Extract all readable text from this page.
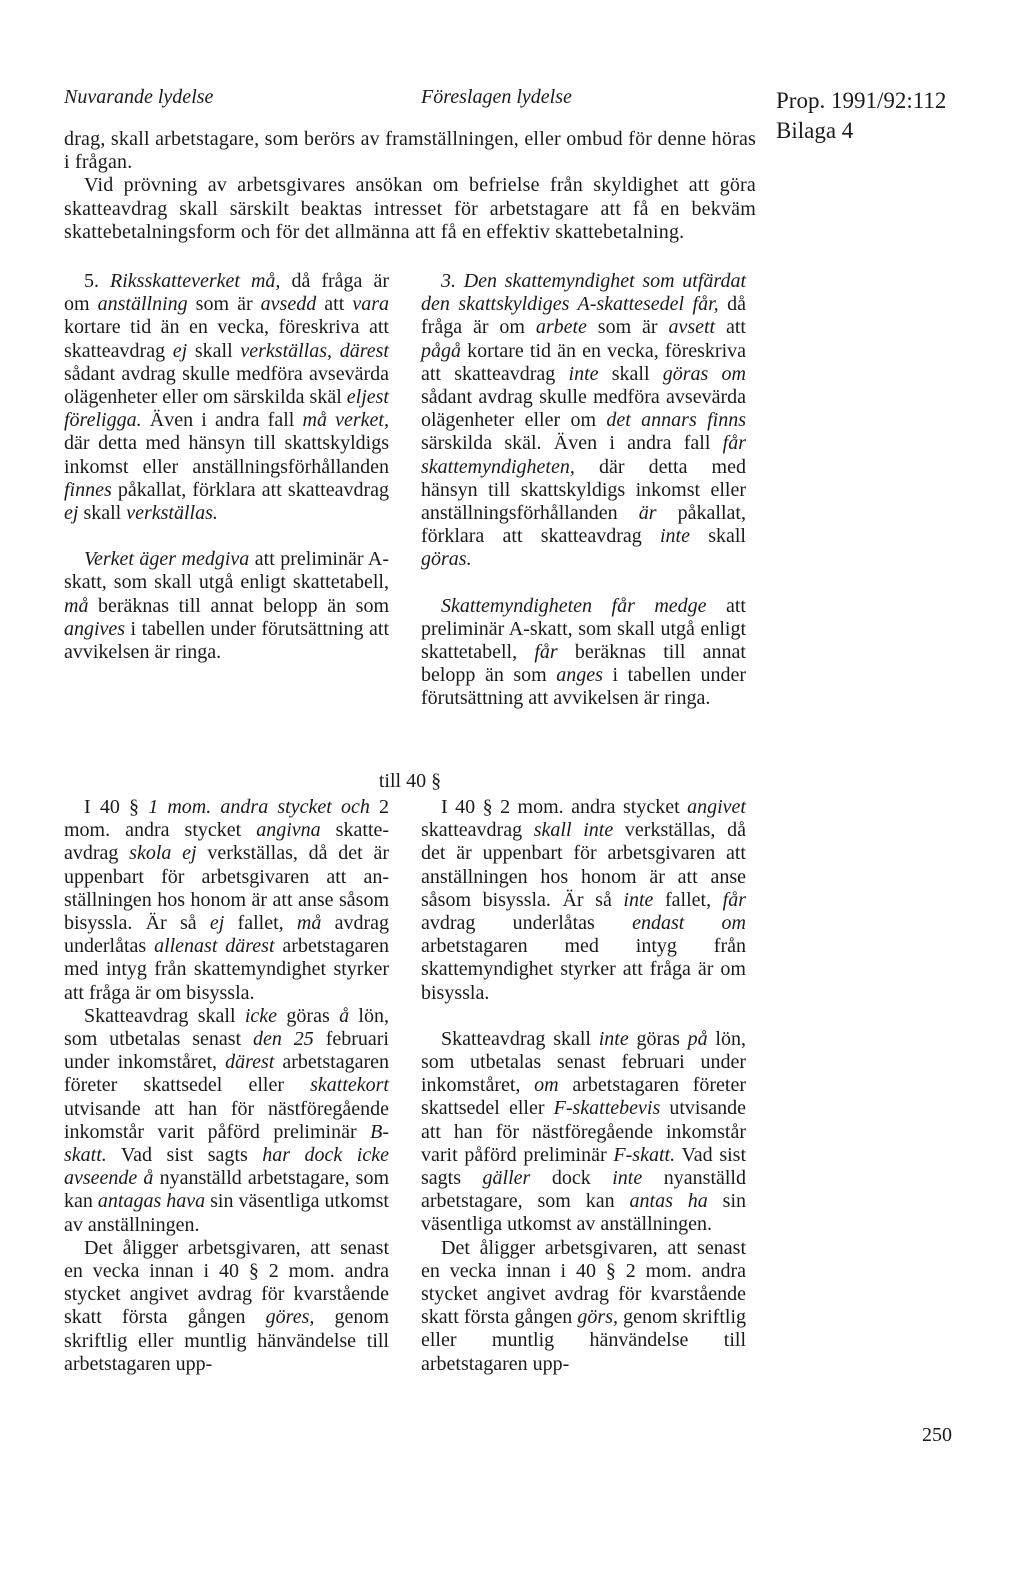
Nuvarande lydelse	Föreslagen lydelse	Prop. 1991/92:112
Bilaga 4

drag, skall arbetstagare, som berörs av framställningen, eller ombud för denne höras i frågan.

Vid prövning av arbetsgivares ansökan om befrielse från skyldighet att göra skatteavdrag skall särskilt beaktas intresset för arbetstagare att få en bekväm skattebetalningsform och för det allmänna att få en effektiv skattebetalning.

5. Riksskatteverket må, då fråga är om anställning som är avsedd att vara kortare tid än en vecka, föreskriva att skatteavdrag ej skall verkställas, därest sådant avdrag skulle medföra avsevärda olägenheter eller om särskilda skäl eljest föreligga. Även i andra fall må verket, där detta med hänsyn till skattskyldigs inkomst eller anställningsförhållanden finnes påkallat, förklara att skatteavdrag ej skall verkställas.

Verket äger medgiva att preliminär A-skatt, som skall utgå enligt skattetabell, må beräknas till annat belopp än som angives i tabellen under förutsättning att avvikelsen är ringa.

3. Den skattemyndighet som utfärdat den skattskyldiges A-skattesedel får, då fråga är om arbete som är avsett att pågå kortare tid än en vecka, föreskriva att skatteavdrag inte skall göras om sådant avdrag skulle medföra avsevärda olägenheter eller om det annars finns särskilda skäl. Även i andra fall får skattemyndigheten, där detta med hänsyn till skattskyldigs inkomst eller anställningsförhållanden är påkallat, förklara att skatteavdrag inte skall göras.

Skattemyndigheten får medge att preliminär A-skatt, som skall utgå enligt skattetabell, får beräknas till annat belopp än som anges i tabellen under förutsättning att avvikelsen är ringa.

till 40 §

I 40 § 1 mom. andra stycket och 2 mom. andra stycket angivna skatteavdrag skola ej verkställas, då det är uppenbart för arbetsgivaren att anställningen hos honom är att anse såsom bisyssla. Är så ej fallet, må avdrag underlåtas allenast därest arbetstagaren med intyg från skattemyndighet styrker att fråga är om bisyssla.

Skatteavdrag skall icke göras å lön, som utbetalas senast den 25 februari under inkomståret, därest arbetstagaren företer skattsedel eller skattekort utvisande att han för nästföregående inkomstår varit påförd preliminär B-skatt. Vad sist sagts har dock icke avseende å nyanställd arbetstagare, som kan antagas hava sin väsentliga utkomst av anställningen.

Det åligger arbetsgivaren, att senast en vecka innan i 40 § 2 mom. andra stycket angivet avdrag för kvarstående skatt första gången göres, genom skriftlig eller muntlig hänvändelse till arbetstagaren upp-

I 40 § 2 mom. andra stycket angivet skatteavdrag skall inte verkställas, då det är uppenbart för arbetsgivaren att anställningen hos honom är att anse såsom bisyssla. Är så inte fallet, får avdrag underlåtas endast om arbetstagaren med intyg från skattemyndighet styrker att fråga är om bisyssla.

Skatteavdrag skall inte göras på lön, som utbetalas senast februari under inkomståret, om arbetstagaren företer skattsedel eller F-skattebevis utvisande att han för nästföregående inkomstår varit påförd preliminär F-skatt. Vad sist sagts gäller dock inte nyanställd arbetstagare, som kan antas ha sin väsentliga utkomst av anställningen.

Det åligger arbetsgivaren, att senast en vecka innan i 40 § 2 mom. andra stycket angivet avdrag för kvarstående skatt första gången görs, genom skriftlig eller muntlig hänvändelse till arbetstagaren upp-

250
